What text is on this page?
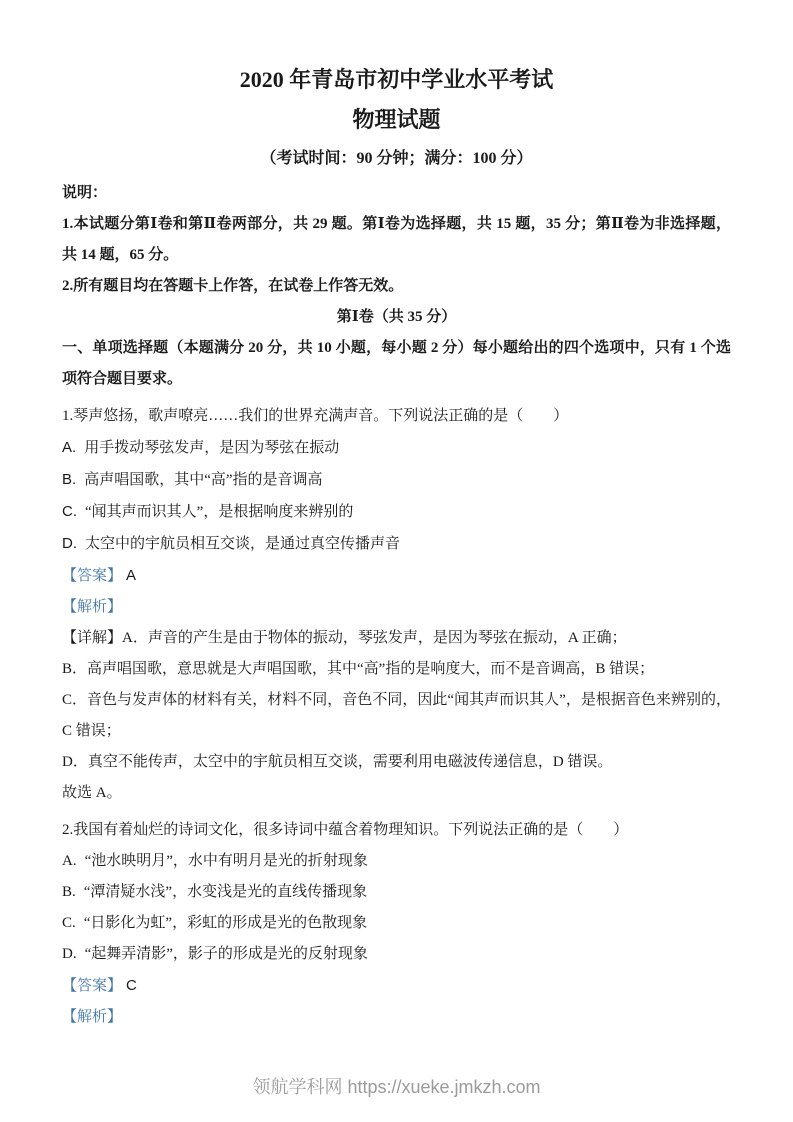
2020 年青岛市初中学业水平考试
物理试题
（考试时间：90 分钟；满分：100 分）
说明：
1.本试题分第Ⅰ卷和第Ⅱ卷两部分，共 29 题。第Ⅰ卷为选择题，共 15 题，35 分；第Ⅱ卷为非选择题，共 14 题，65 分。
2.所有题目均在答题卡上作答，在试卷上作答无效。
第Ⅰ卷（共 35 分）
一、单项选择题（本题满分 20 分，共 10 小题，每小题 2 分）每小题给出的四个选项中，只有 1 个选项符合题目要求。
1.琴声悠扬，歌声嘹亮……我们的世界充满声音。下列说法正确的是（　　）
A. 用手拨动琴弦发声，是因为琴弦在振动
B. 高声唱国歌，其中“高”指的是音调高
C. “闻其声而识其人”，是根据响度来辨别的
D. 太空中的宇航员相互交谈，是通过真空传播声音
【答案】 A
【解析】
【详解】A．声音的产生是由于物体的振动，琴弦发声，是因为琴弦在振动，A 正确；
B．高声唱国歌，意思就是大声唱国歌，其中“高”指的是响度大，而不是音调高，B 错误；
C．音色与发声体的材料有关，材料不同，音色不同，因此“闻其声而识其人”，是根据音色来辨别的，C 错误；
D．真空不能传声，太空中的宇航员相互交谈，需要利用电磁波传递信息，D 错误。
故选 A。
2.我国有着灿烂的诗词文化，很多诗词中蕴含着物理知识。下列说法正确的是（　　）
A. “池水映明月”，水中有明月是光的折射现象
B. “潭清疑水浅”，水变浅是光的直线传播现象
C. “日影化为虹”，彩虹的形成是光的色散现象
D. “起舞弄清影”，影子的形成是光的反射现象
【答案】 C
【解析】
领航学科网 https://xueke.jmkzh.com
